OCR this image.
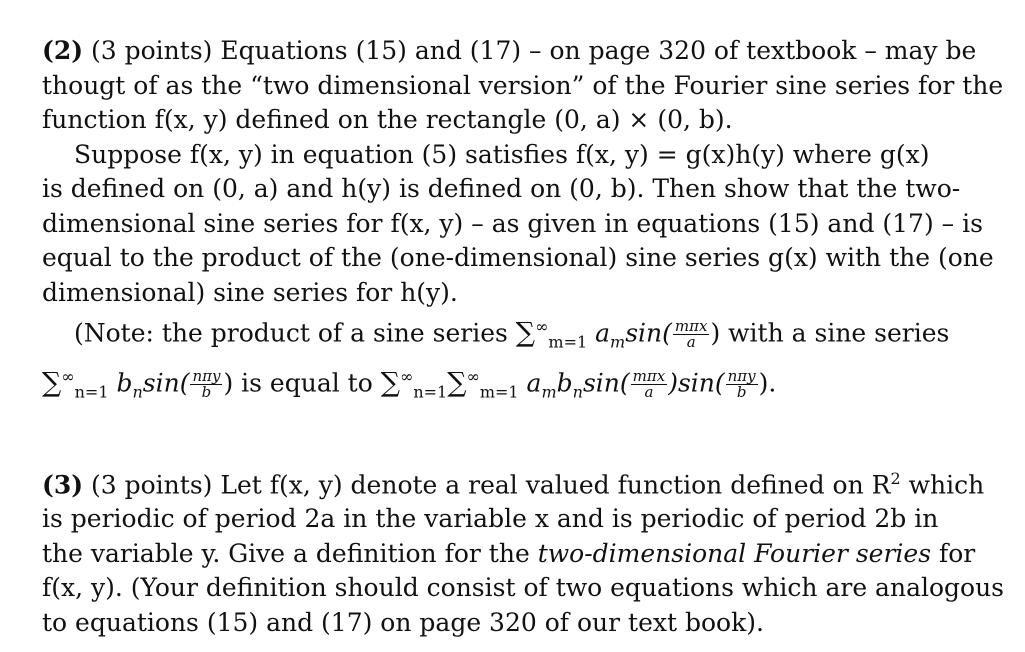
(2) (3 points) Equations (15) and (17) – on page 320 of textbook – may be
thougt of as the “two dimensional version” of the Fourier sine series for the
function f(x, y) defined on the rectangle (0, a) × (0, b).
Suppose f(x, y) in equation (5) satisfies f(x, y) = g(x)h(y) where g(x)
is defined on (0, a) and h(y) is defined on (0, b). Then show that the two-
dimensional sine series for f(x, y) – as given in equations (15) and (17) – is
equal to the product of the (one-dimensional) sine series g(x) with the (one
dimensional) sine series for h(y).
(Note: the product of a sine series $\sum^\infty_{m=1}$ $a_m\sin( \frac{\text{mπx}}{a}$ ) with a sine series
$\sum^\infty_{n=1}$ $b_n\sin( \frac{\text{nπy}}{b}$ ) is equal to $\sum^\infty_{n=1}\sum^\infty_{m=1}$ $a_mb_n\sin( \frac{\text{mπx}}{a} )\sin( \frac{\text{nπy}}{b}$ ).
(3) (3 points) Let f(x, y) denote a real valued function defined on $R^2$ which
is periodic of period 2a in the variable x and is periodic of period 2b in
the variable y. Give a definition for the two-dimensional Fourier series for
f(x, y). (Your definition should consist of two equations which are analogous
to equations (15) and (17) on page 320 of our text book).
